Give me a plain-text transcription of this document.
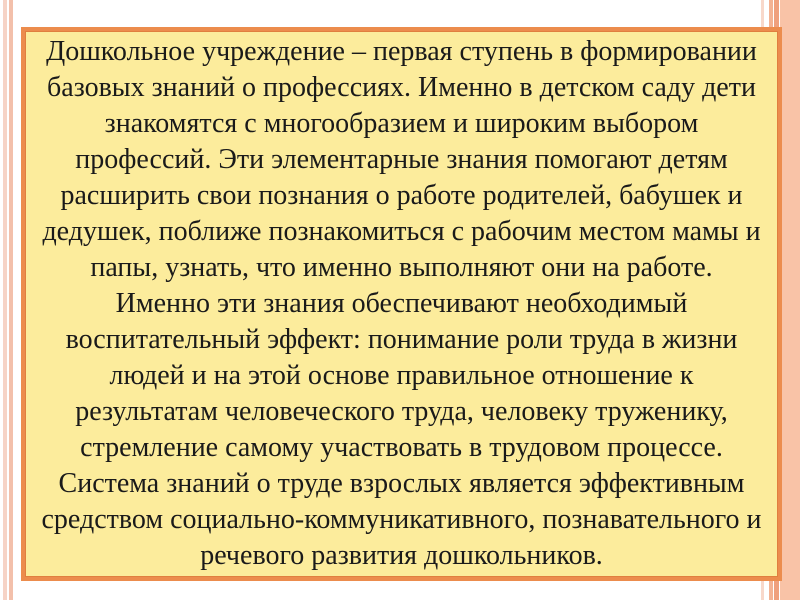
Дошкольное учреждение – первая ступень в формировании
базовых знаний о профессиях. Именно в детском саду дети
знакомятся с многообразием и широким выбором
профессий. Эти элементарные знания помогают детям
расширить свои познания о работе родителей, бабушек и
дедушек, поближе познакомиться с рабочим местом мамы и
папы, узнать, что именно выполняют они на работе.

Именно эти знания обеспечивают необходимый
воспитательный эффект: понимание роли труда в жизни
людей и на этой основе правильное отношение к
результатам человеческого труда, человеку труженику,
стремление самому участвовать в трудовом процессе.
Система знаний о труде взрослых является эффективным
средством социально-коммуникативного, познавательного и
речевого развития дошкольников.
